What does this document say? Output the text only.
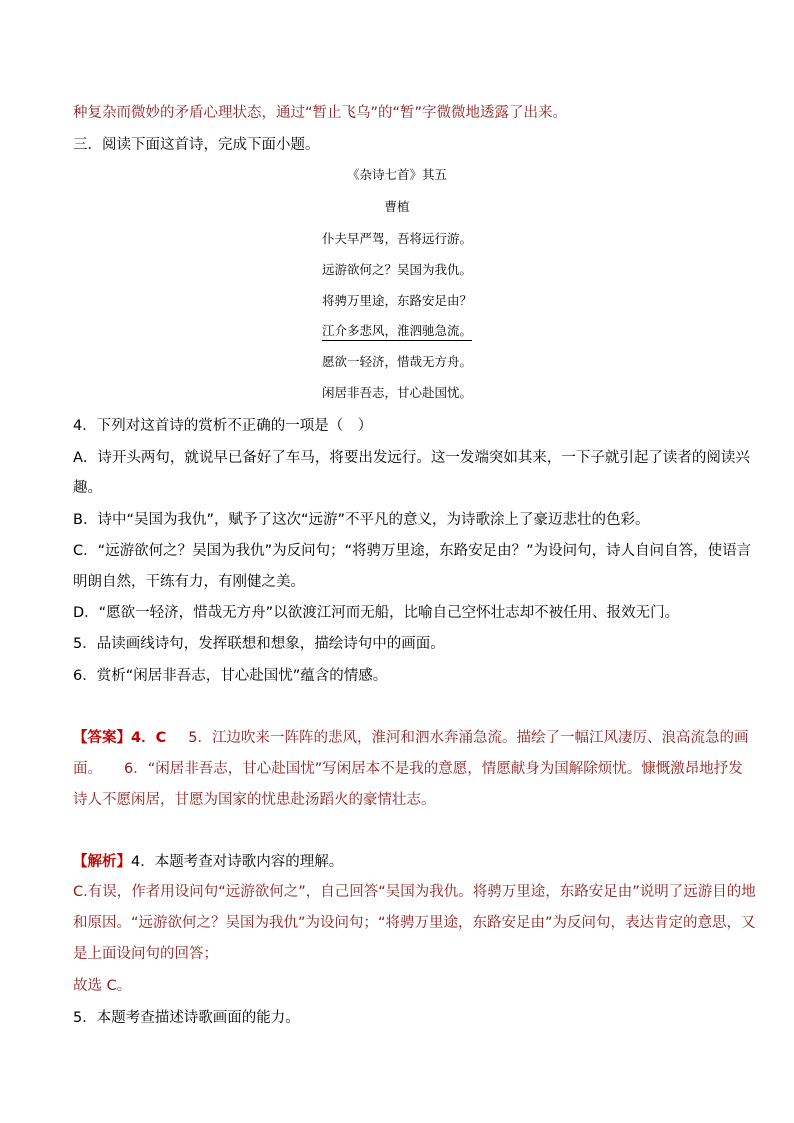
种复杂而微妙的矛盾心理状态，通过“暂止飞乌”的“暂”字微微地透露了出来。
三．阅读下面这首诗，完成下面小题。
《杂诗七首》其五
曹植
仆夫早严驾，吾将远行游。
远游欲何之？吴国为我仇。
将骋万里途，东路安足由？
江介多悲风，淮泗驰急流。
愿欲一轻济，惜哉无方舟。
闲居非吾志，甘心赴国忧。
4．下列对这首诗的赏析不正确的一项是（　）
A．诗开头两句，就说早已备好了车马，将要出发远行。这一发端突如其来，一下子就引起了读者的阅读兴
趣。
B．诗中“吴国为我仇”，赋予了这次“远游”不平凡的意义，为诗歌涂上了豪迈悲壮的色彩。
C．“远游欲何之？吴国为我仇”为反问句；“将骋万里途，东路安足由？”为设问句，诗人自问自答，使语言
明朗自然，干练有力，有刚健之美。
D．“愿欲一轻济，惜哉无方舟”以欲渡江河而无船，比喻自己空怀壮志却不被任用、报效无门。
5．品读画线诗句，发挥联想和想象，描绘诗句中的画面。
6．赏析“闲居非吾志，甘心赴国忧”蕴含的情感。
【答案】4．C 5．江边吹来一阵阵的悲风，淮河和泗水奔涌急流。描绘了一幅江风凄厉、浪高流急的画
面。 6．“闲居非吾志，甘心赴国忧”写闲居本不是我的意愿，情愿献身为国解除烦忧。慷慨激昂地抒发
诗人不愿闲居，甘愿为国家的忧患赴汤蹈火的豪情壮志。
【解析】4．本题考查对诗歌内容的理解。
C.有误，作者用设问句“远游欲何之”，自己回答“吴国为我仇。将骋万里途，东路安足由”说明了远游目的地
和原因。“远游欲何之？吴国为我仇”为设问句；“将骋万里途，东路安足由”为反问句，表达肯定的意思，又
是上面设问句的回答；
故选 C。
5．本题考查描述诗歌画面的能力。
